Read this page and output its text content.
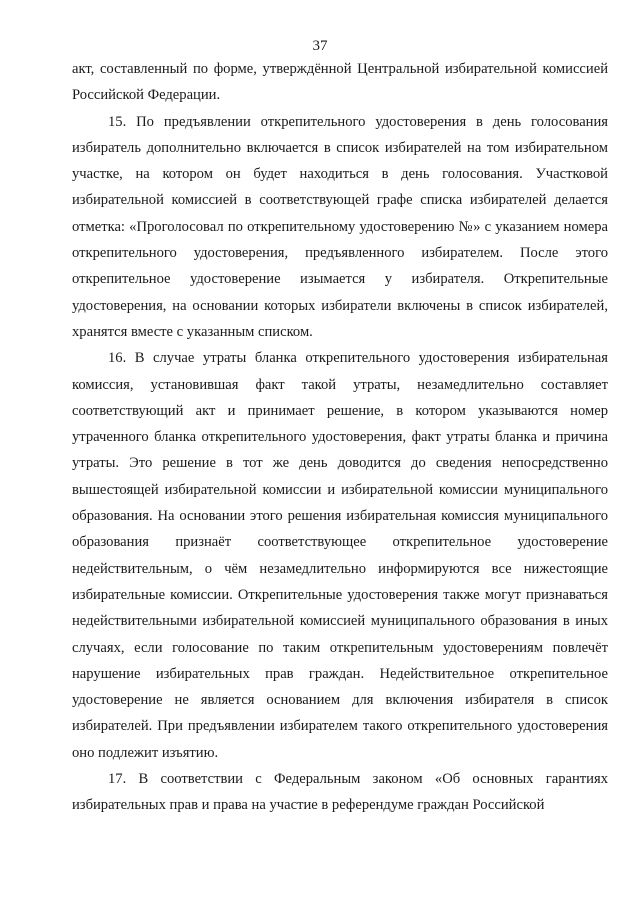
37

акт, составленный по форме, утверждённой Центральной избирательной комиссией Российской Федерации.

15. По предъявлении открепительного удостоверения в день голосования избиратель дополнительно включается в список избирателей на том избирательном участке, на котором он будет находиться в день голосования. Участковой избирательной комиссией в соответствующей графе списка избирателей делается отметка: «Проголосовал по открепительному удостоверению №» с указанием номера открепительного удостоверения, предъявленного избирателем. После этого открепительное удостоверение изымается у избирателя. Открепительные удостоверения, на основании которых избиратели включены в список избирателей, хранятся вместе с указанным списком.

16. В случае утраты бланка открепительного удостоверения избирательная комиссия, установившая факт такой утраты, незамедлительно составляет соответствующий акт и принимает решение, в котором указываются номер утраченного бланка открепительного удостоверения, факт утраты бланка и причина утраты. Это решение в тот же день доводится до сведения непосредственно вышестоящей избирательной комиссии и избирательной комиссии муниципального образования. На основании этого решения избирательная комиссия муниципального образования признаёт соответствующее открепительное удостоверение недействительным, о чём незамедлительно информируются все нижестоящие избирательные комиссии. Открепительные удостоверения также могут признаваться недействительными избирательной комиссией муниципального образования в иных случаях, если голосование по таким открепительным удостоверениям повлечёт нарушение избирательных прав граждан. Недействительное открепительное удостоверение не является основанием для включения избирателя в список избирателей. При предъявлении избирателем такого открепительного удостоверения оно подлежит изъятию.

17. В соответствии с Федеральным законом «Об основных гарантиях избирательных прав и права на участие в референдуме граждан Российской
